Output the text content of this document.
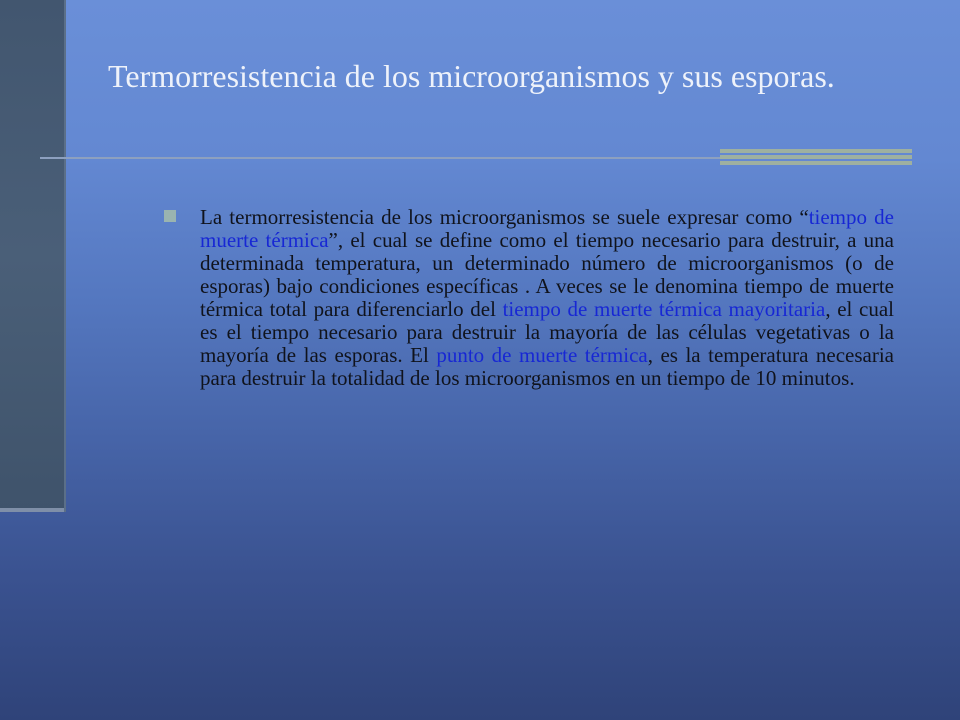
Termorresistencia de los microorganismos y sus esporas.

La termorresistencia de los microorganismos se suele expresar como “tiempo de muerte térmica”, el cual se define como el tiempo necesario para destruir, a una determinada temperatura, un determinado número de microorganismos (o de esporas) bajo condiciones específicas . A veces se le denomina tiempo de muerte térmica total para diferenciarlo del tiempo de muerte térmica mayoritaria, el cual es el tiempo necesario para destruir la mayoría de las células vegetativas o la mayoría de las esporas. El punto de muerte térmica, es la temperatura necesaria para destruir la totalidad de los microorganismos en un tiempo de 10 minutos.
